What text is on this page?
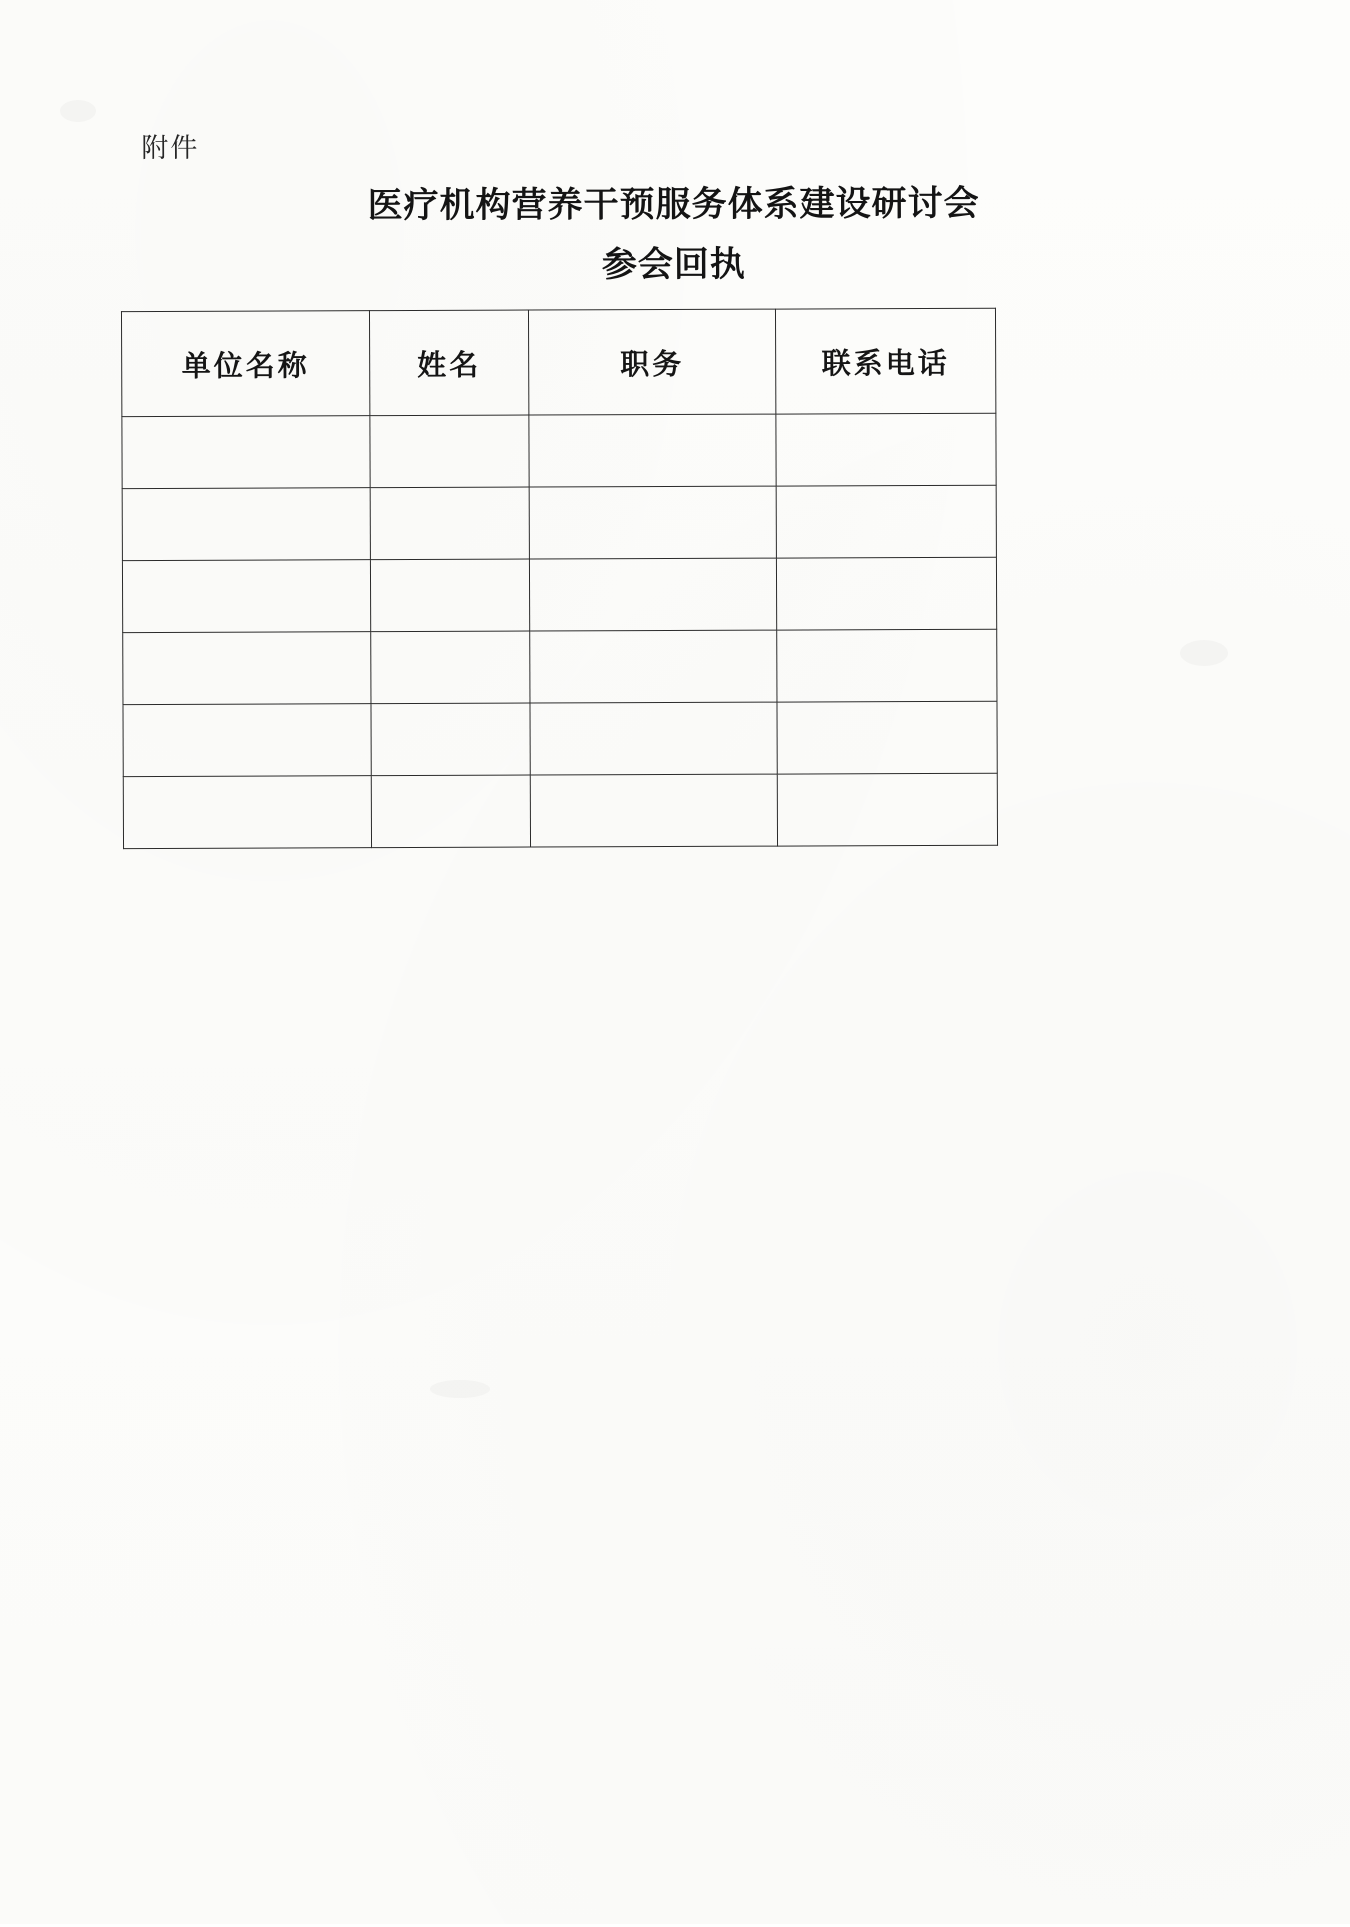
附件
医疗机构营养干预服务体系建设研讨会
参会回执
单位名称	姓名	职务	联系电话
